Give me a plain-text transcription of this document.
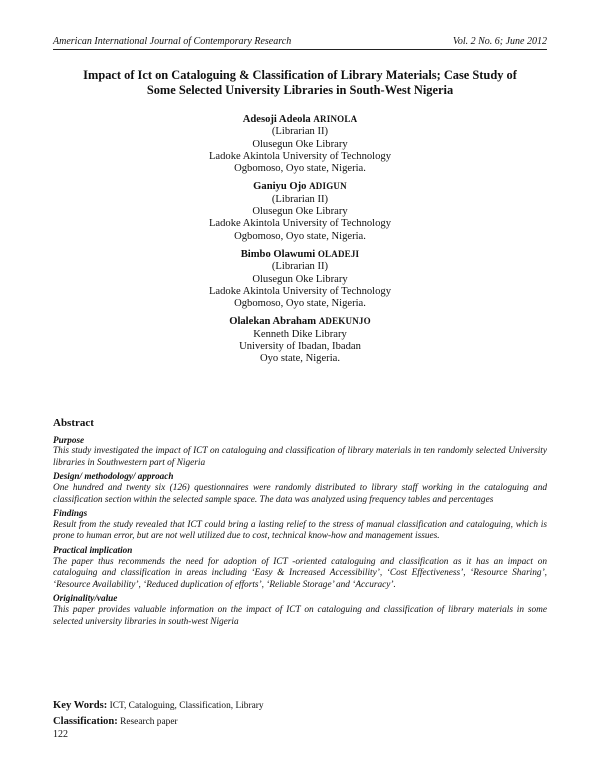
American International Journal of Contemporary Research	Vol. 2 No. 6; June 2012
Impact of Ict on Cataloguing & Classification of Library Materials; Case Study of
Some Selected University Libraries in South-West Nigeria
Adesoji Adeola ARINOLA
(Librarian II)
Olusegun Oke Library
Ladoke Akintola University of Technology
Ogbomoso, Oyo state, Nigeria.
Ganiyu Ojo ADIGUN
(Librarian II)
Olusegun Oke Library
Ladoke Akintola University of Technology
Ogbomoso, Oyo state, Nigeria.
Bimbo Olawumi OLADEJI
(Librarian II)
Olusegun Oke Library
Ladoke Akintola University of Technology
Ogbomoso, Oyo state, Nigeria.
Olalekan Abraham ADEKUNJO
Kenneth Dike Library
University of Ibadan, Ibadan
Oyo state, Nigeria.
Abstract
Purpose
This study investigated the impact of ICT on cataloguing and classification of library materials in ten randomly selected University libraries in Southwestern part of Nigeria
Design/ methodology/ approach
One hundred and twenty six (126) questionnaires were randomly distributed to library staff working in the cataloguing and classification section within the selected sample space. The data was analyzed using frequency tables and percentages
Findings
Result from the study revealed that ICT could bring a lasting relief to the stress of manual classification and cataloguing, which is prone to human error, but are not well utilized due to cost, technical know-how and management issues.
Practical implication
The paper thus recommends the need for adoption of ICT -oriented cataloguing and classification as it has an impact on cataloguing and classification in areas including ‘Easy & Increased Accessibility’, ‘Cost Effectiveness’, ‘Resource Sharing’, ‘Resource Availability’, ‘Reduced duplication of efforts’, ‘Reliable Storage’ and ‘Accuracy’.
Originality/value
This paper provides valuable information on the impact of ICT on cataloguing and classification of library materials in some selected university libraries in south-west Nigeria
Key Words: ICT, Cataloguing, Classification, Library
Classification: Research paper
122
